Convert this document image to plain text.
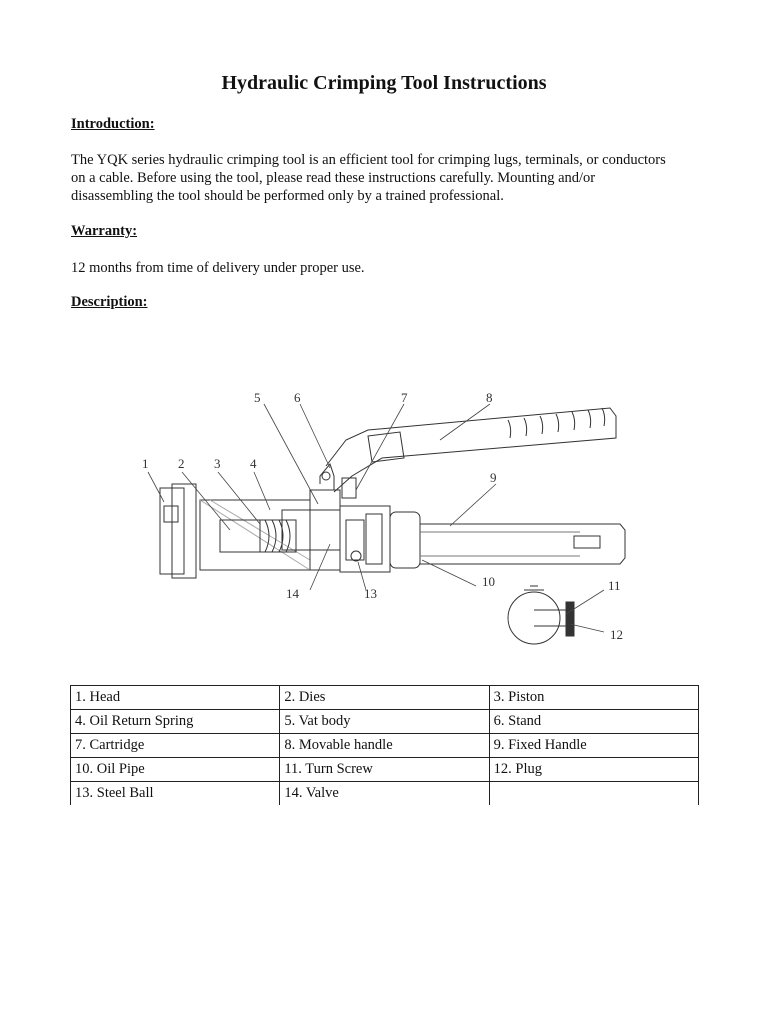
Hydraulic Crimping Tool Instructions

Introduction:

The YQK series hydraulic crimping tool is an efficient tool for crimping lugs, terminals, or conductors

on a cable. Before using the tool, please read these instructions carefully. Mounting and/or

disassembling the tool should be performed only by a trained professional.

Warranty:

12 months from time of delivery under proper use.

Description:

1 2 3 4
5	6	7	8
9
10	11
12
13
14
1. Head	2. Dies	3. Piston
4. Oil Return Spring	5. Vat body	6. Stand
7. Cartridge	8. Movable handle	9. Fixed Handle
10. Oil Pipe	11. Turn Screw	12. Plug
13. Steel Ball	14. Valve	
